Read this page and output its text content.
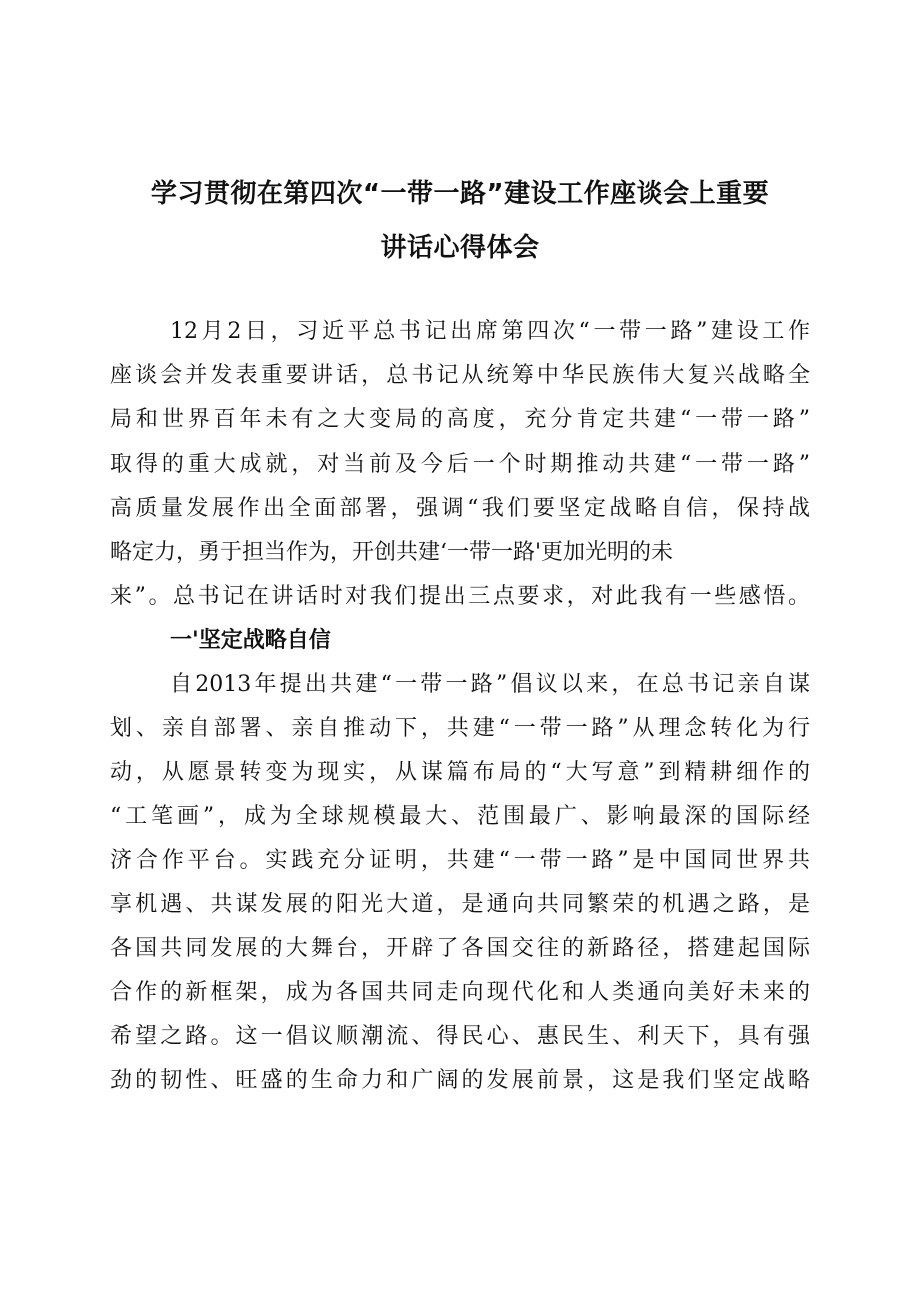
学习贯彻在第四次“一带一路”建设工作座谈会上重要
讲话心得体会
12月2日，习近平总书记出席第四次“一带一路”建设工作
座谈会并发表重要讲话，总书记从统筹中华民族伟大复兴战略全
局和世界百年未有之大变局的高度，充分肯定共建“一带一路”
取得的重大成就，对当前及今后一个时期推动共建“一带一路”
高质量发展作出全面部署，强调“我们要坚定战略自信，保持战
略定力，勇于担当作为，开创共建‘一带一路'更加光明的未
来”。总书记在讲话时对我们提出三点要求，对此我有一些感悟。
一'坚定战略自信
自2013年提出共建“一带一路”倡议以来，在总书记亲自谋
划、亲自部署、亲自推动下，共建“一带一路”从理念转化为行
动，从愿景转变为现实，从谋篇布局的“大写意”到精耕细作的
“工笔画”，成为全球规模最大、范围最广、影响最深的国际经
济合作平台。实践充分证明，共建“一带一路”是中国同世界共
享机遇、共谋发展的阳光大道，是通向共同繁荣的机遇之路，是
各国共同发展的大舞台，开辟了各国交往的新路径，搭建起国际
合作的新框架，成为各国共同走向现代化和人类通向美好未来的
希望之路。这一倡议顺潮流、得民心、惠民生、利天下，具有强
劲的韧性、旺盛的生命力和广阔的发展前景，这是我们坚定战略
